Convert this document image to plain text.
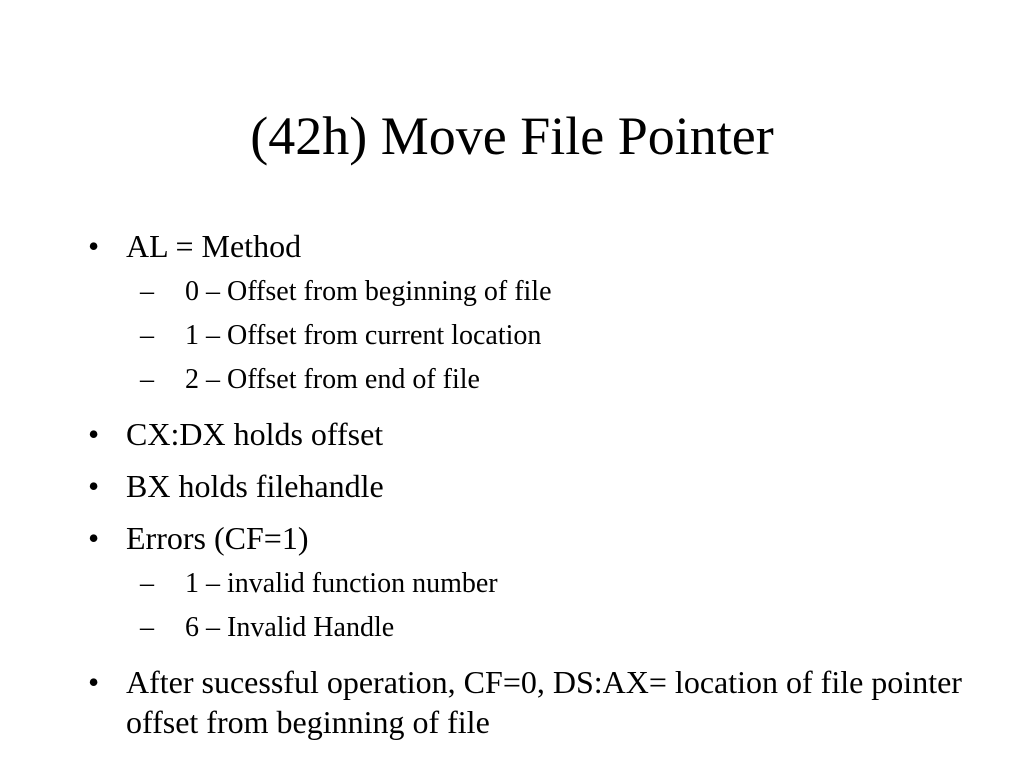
(42h) Move File Pointer
• AL = Method
–	0 – Offset from beginning of file
–	1 – Offset from current location
–	2 – Offset from end of file
• CX:DX holds offset
• BX holds filehandle
• Errors (CF=1)
–	1 – invalid function number
–	6 – Invalid Handle
• After sucessful operation, CF=0, DS:AX= location of file pointer offset from beginning of file
